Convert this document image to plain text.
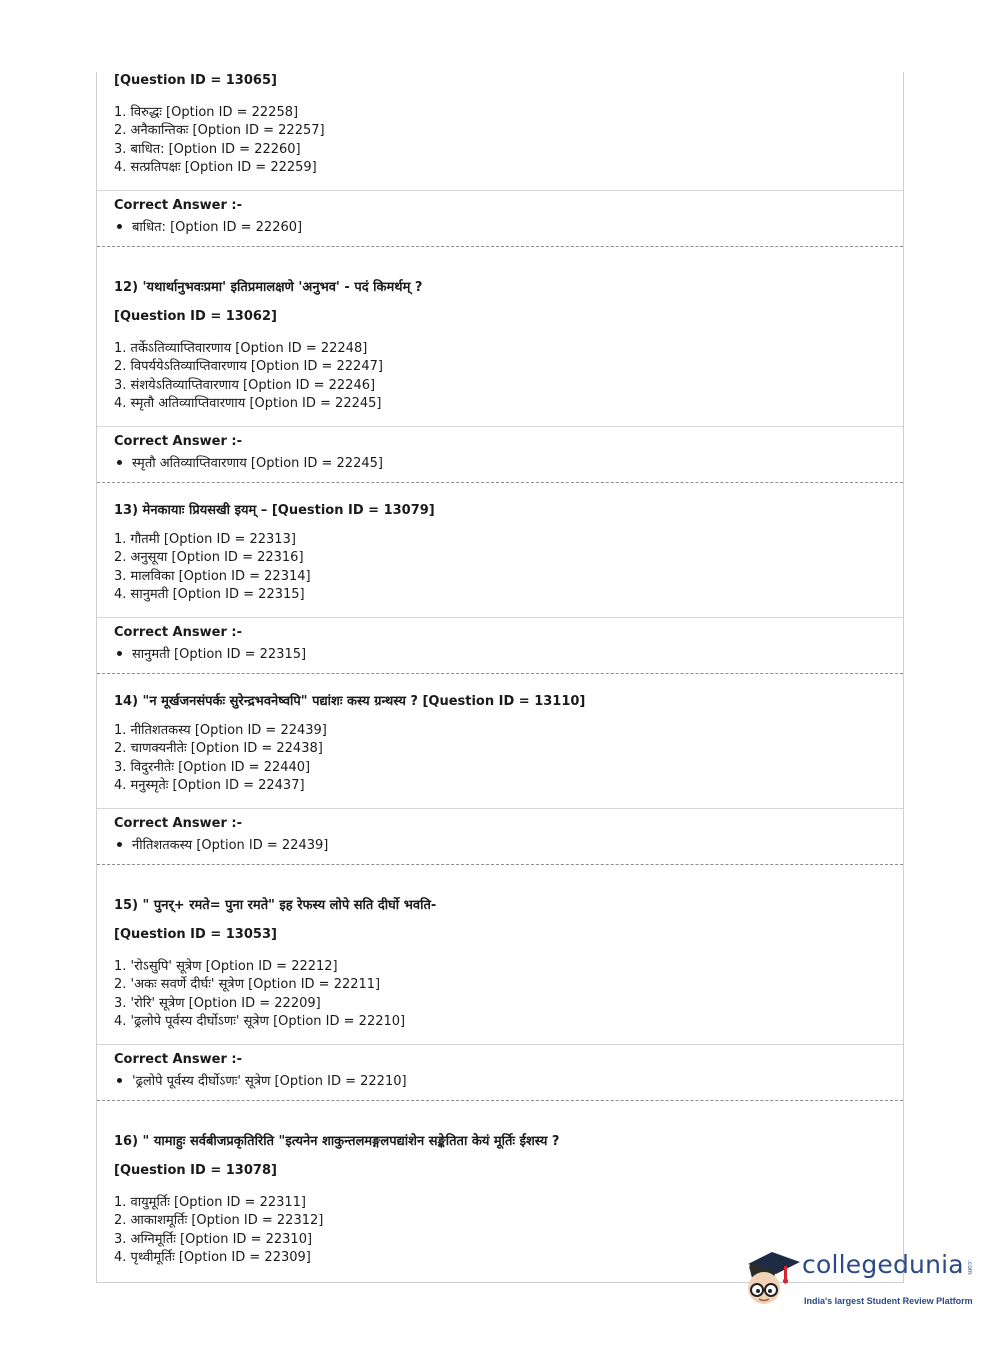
[Question ID = 13065]
1. विरुद्धः [Option ID = 22258]
2. अनैकान्तिकः [Option ID = 22257]
3. बाधित: [Option ID = 22260]
4. सत्प्रतिपक्षः [Option ID = 22259]
Correct Answer :-
बाधित: [Option ID = 22260]
12) 'यथार्थानुभवःप्रमा' इतिप्रमालक्षणे 'अनुभव' - पदं किमर्थम् ?
[Question ID = 13062]
1. तर्केऽतिव्याप्तिवारणाय [Option ID = 22248]
2. विपर्ययेऽतिव्याप्तिवारणाय [Option ID = 22247]
3. संशयेऽतिव्याप्तिवारणाय [Option ID = 22246]
4. स्मृतौ अतिव्याप्तिवारणाय [Option ID = 22245]
Correct Answer :-
स्मृतौ अतिव्याप्तिवारणाय [Option ID = 22245]
13) मेनकायाः प्रियसखी इयम् – [Question ID = 13079]
1. गौतमी [Option ID = 22313]
2. अनुसूया [Option ID = 22316]
3. मालविका [Option ID = 22314]
4. सानुमती [Option ID = 22315]
Correct Answer :-
सानुमती [Option ID = 22315]
14) "न मूर्खजनसंपर्कः सुरेन्द्रभवनेष्वपि" पद्यांशः कस्य ग्रन्थस्य ? [Question ID = 13110]
1. नीतिशतकस्य [Option ID = 22439]
2. चाणक्यनीतेः [Option ID = 22438]
3. विदुरनीतेः [Option ID = 22440]
4. मनुस्मृतेः [Option ID = 22437]
Correct Answer :-
नीतिशतकस्य [Option ID = 22439]
15) " पुनर्+ रमते= पुना रमते" इह रेफस्य लोपे सति दीर्घो भवति-
[Question ID = 13053]
1. 'रोऽसुपि' सूत्रेण [Option ID = 22212]
2. 'अकः सवर्णे दीर्घः' सूत्रेण [Option ID = 22211]
3. 'रोरि' सूत्रेण [Option ID = 22209]
4. 'ढ्रलोपे पूर्वस्य दीर्घोऽणः' सूत्रेण [Option ID = 22210]
Correct Answer :-
'ढ्रलोपे पूर्वस्य दीर्घोऽणः' सूत्रेण [Option ID = 22210]
16) " यामाहुः सर्वबीजप्रकृतिरिति "इत्यनेन शाकुन्तलमङ्गलपद्यांशेन सङ्केतिता केयं मूर्तिः ईशस्य ?
[Question ID = 13078]
1. वायुमूर्तिः [Option ID = 22311]
2. आकाशमूर्तिः [Option ID = 22312]
3. अग्निमूर्तिः [Option ID = 22310]
4. पृथ्वीमूर्तिः [Option ID = 22309]	collegedunia .com
India's largest Student Review Platform
